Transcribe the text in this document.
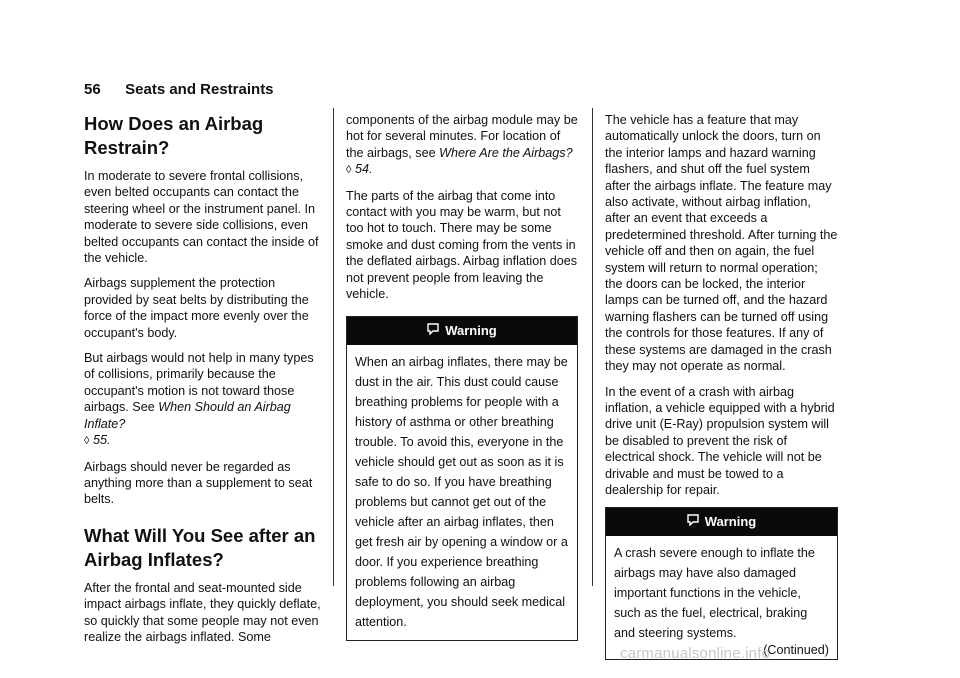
56 Seats and Restraints
How Does an Airbag Restrain?

In moderate to severe frontal collisions, even belted occupants can contact the steering wheel or the instrument panel. In moderate to severe side collisions, even belted occupants can contact the inside of the vehicle.

Airbags supplement the protection provided by seat belts by distributing the force of the impact more evenly over the occupant's body.

But airbags would not help in many types of collisions, primarily because the occupant's motion is not toward those airbags. See When Should an Airbag Inflate?
◊ 55.

Airbags should never be regarded as anything more than a supplement to seat belts.

What Will You See after an Airbag Inflates?

After the frontal and seat-mounted side impact airbags inflate, they quickly deflate, so quickly that some people may not even realize the airbags inflated. Some

components of the airbag module may be hot for several minutes. For location of the airbags, see Where Are the Airbags? ◊ 54.

The parts of the airbag that come into contact with you may be warm, but not too hot to touch. There may be some smoke and dust coming from the vents in the deflated airbags. Airbag inflation does not prevent people from leaving the vehicle.

Warning
When an airbag inflates, there may be dust in the air. This dust could cause breathing problems for people with a history of asthma or other breathing trouble. To avoid this, everyone in the vehicle should get out as soon as it is safe to do so. If you have breathing problems but cannot get out of the vehicle after an airbag inflates, then get fresh air by opening a window or a door. If you experience breathing problems following an airbag deployment, you should seek medical attention.

The vehicle has a feature that may automatically unlock the doors, turn on the interior lamps and hazard warning flashers, and shut off the fuel system after the airbags inflate. The feature may also activate, without airbag inflation, after an event that exceeds a predetermined threshold. After turning the vehicle off and then on again, the fuel system will return to normal operation; the doors can be locked, the interior lamps can be turned off, and the hazard warning flashers can be turned off using the controls for those features. If any of these systems are damaged in the crash they may not operate as normal.

In the event of a crash with airbag inflation, a vehicle equipped with a hybrid drive unit (E-Ray) propulsion system will be disabled to prevent the risk of electrical shock. The vehicle will not be drivable and must be towed to a dealership for repair.

Warning
A crash severe enough to inflate the airbags may have also damaged important functions in the vehicle, such as the fuel, electrical, braking and steering systems.
(Continued)
carmanualsonline.info
